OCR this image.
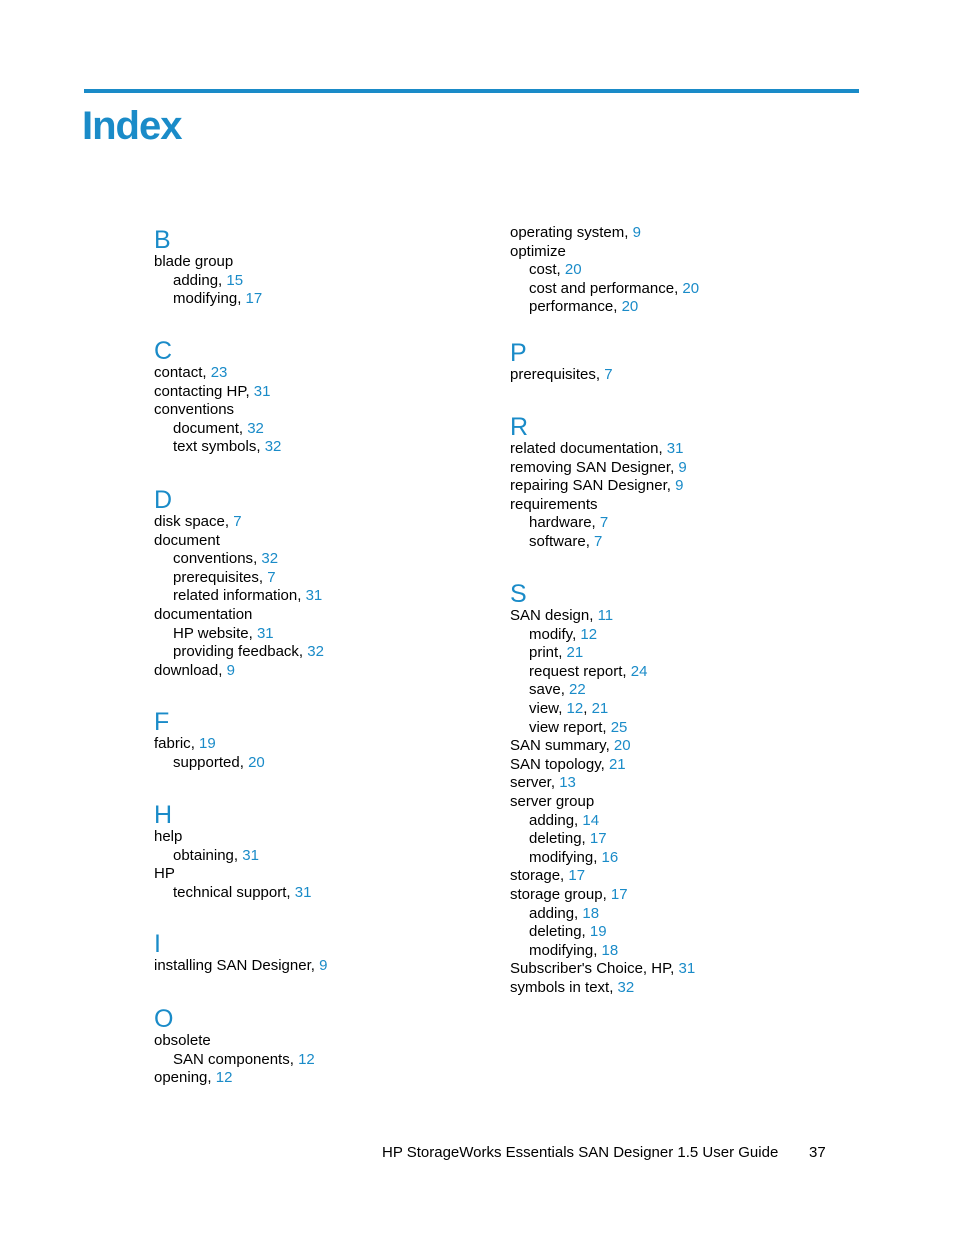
Index
B
blade group
adding, 15
modifying, 17
C
contact, 23
contacting HP, 31
conventions
document, 32
text symbols, 32
D
disk space, 7
document
conventions, 32
prerequisites, 7
related information, 31
documentation
HP website, 31
providing feedback, 32
download, 9
F
fabric, 19
supported, 20
H
help
obtaining, 31
HP
technical support, 31
I
installing SAN Designer, 9
O
obsolete
SAN components, 12
opening, 12
operating system, 9
optimize
cost, 20
cost and performance, 20
performance, 20
P
prerequisites, 7
R
related documentation, 31
removing SAN Designer, 9
repairing SAN Designer, 9
requirements
hardware, 7
software, 7
S
SAN design, 11
modify, 12
print, 21
request report, 24
save, 22
view, 12, 21
view report, 25
SAN summary, 20
SAN topology, 21
server, 13
server group
adding, 14
deleting, 17
modifying, 16
storage, 17
storage group, 17
adding, 18
deleting, 19
modifying, 18
Subscriber's Choice, HP, 31
symbols in text, 32
HP StorageWorks Essentials SAN Designer 1.5 User Guide 37
